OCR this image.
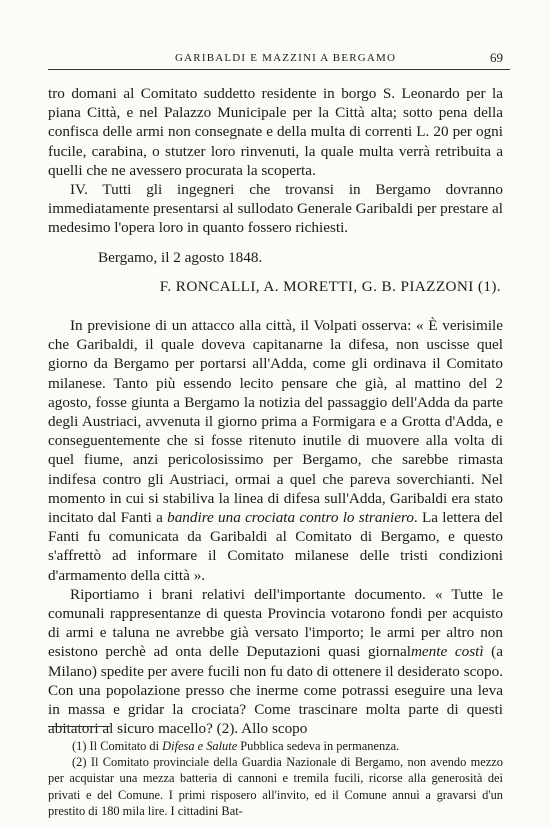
GARIBALDI E MAZZINI A BERGAMO	69

tro domani al Comitato suddetto residente in borgo S. Leonardo per la piana Città, e nel Palazzo Municipale per la Città alta; sotto pena della confisca delle armi non consegnate e della multa di correnti L. 20 per ogni fucile, carabina, o stutzer loro rinvenuti, la quale multa verrà retribuita a quelli che ne avessero procurata la scoperta.

IV. Tutti gli ingegneri che trovansi in Bergamo dovranno immediatamente presentarsi al sullodato Generale Garibaldi per prestare al medesimo l'opera loro in quanto fossero richiesti.

Bergamo, il 2 agosto 1848.

F. RONCALLI, A. MORETTI, G. B. PIAZZONI (1).

In previsione di un attacco alla città, il Volpati osserva: « È verisimile che Garibaldi, il quale doveva capitanarne la difesa, non uscisse quel giorno da Bergamo per portarsi all'Adda, come gli ordinava il Comitato milanese. Tanto più essendo lecito pensare che già, al mattino del 2 agosto, fosse giunta a Bergamo la notizia del passaggio dell'Adda da parte degli Austriaci, avvenuta il giorno prima a Formigara e a Grotta d'Adda, e conseguentemente che si fosse ritenuto inutile di muovere alla volta di quel fiume, anzi pericolosissimo per Bergamo, che sarebbe rimasta indifesa contro gli Austriaci, ormai a quel che pareva soverchianti. Nel momento in cui si stabiliva la linea di difesa sull'Adda, Garibaldi era stato incitato dal Fanti a bandire una crociata contro lo straniero. La lettera del Fanti fu comunicata da Garibaldi al Comitato di Bergamo, e questo s'affrettò ad informare il Comitato milanese delle tristi condizioni d'armamento della città ».

Riportiamo i brani relativi dell'importante documento. « Tutte le comunali rappresentanze di questa Provincia votarono fondi per acquisto di armi e taluna ne avrebbe già versato l'importo; le armi per altro non esistono perchè ad onta delle Deputazioni quasi giornalmente costì (a Milano) spedite per avere fucili non fu dato di ottenere il desiderato scopo. Con una popolazione presso che inerme come potrassi eseguire una leva in massa e gridar la crociata? Come trascinare molta parte di questi abitatori al sicuro macello? (2). Allo scopo

(1) Il Comitato di Difesa e Salute Pubblica sedeva in permanenza.

(2) Il Comitato provinciale della Guardia Nazionale di Bergamo, non avendo mezzo per acquistar una mezza batteria di cannoni e tremila fucili, ricorse alla generosità dei privati e del Comune. I primi risposero all'invito, ed il Comune annuì a gravarsi d'un prestito di 180 mila lire. I cittadini Bat-
